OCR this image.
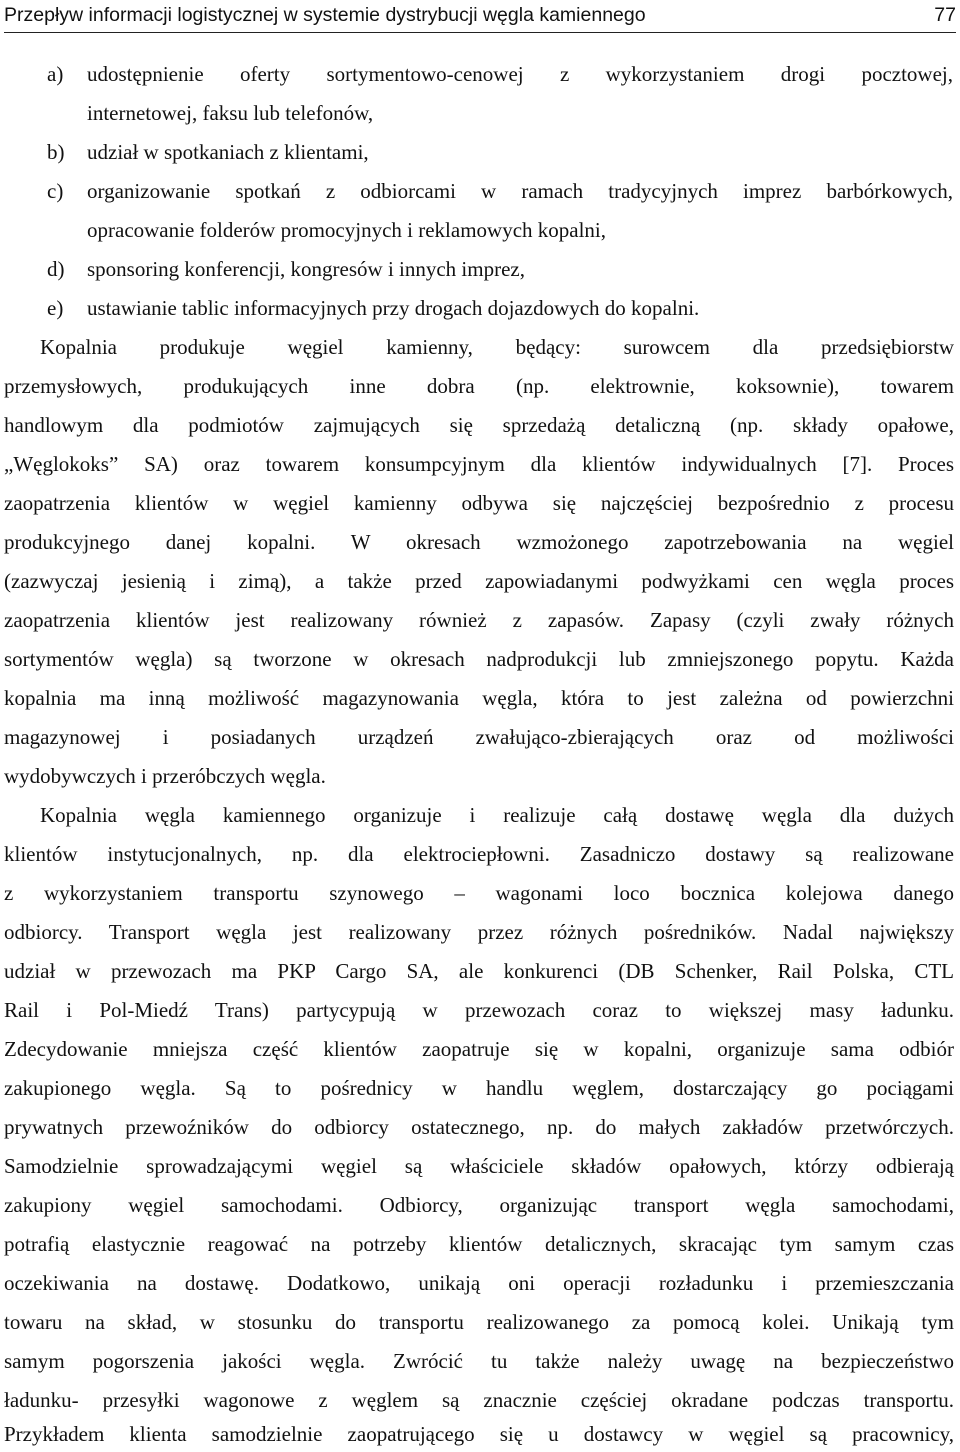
Przepływ informacji logistycznej w systemie dystrybucji węgla kamiennego	77
a) udostępnienie oferty sortymentowo-cenowej z wykorzystaniem drogi pocztowej,
internetowej, faksu lub telefonów,
b) udział w spotkaniach z klientami,
c) organizowanie spotkań z odbiorcami w ramach tradycyjnych imprez barbórkowych,
opracowanie folderów promocyjnych i reklamowych kopalni,
d) sponsoring konferencji, kongresów i innych imprez,
e) ustawianie tablic informacyjnych przy drogach dojazdowych do kopalni.
Kopalnia produkuje węgiel kamienny, będący: surowcem dla przedsiębiorstw
przemysłowych, produkujących inne dobra (np. elektrownie, koksownie), towarem
handlowym dla podmiotów zajmujących się sprzedażą detaliczną (np. składy opałowe,
„Węglokoks” SA) oraz towarem konsumpcyjnym dla klientów indywidualnych [7]. Proces
zaopatrzenia klientów w węgiel kamienny odbywa się najczęściej bezpośrednio z procesu
produkcyjnego danej kopalni. W okresach wzmożonego zapotrzebowania na węgiel
(zazwyczaj jesienią i zimą), a także przed zapowiadanymi podwyżkami cen węgla proces
zaopatrzenia klientów jest realizowany również z zapasów. Zapasy (czyli zwały różnych
sortymentów węgla) są tworzone w okresach nadprodukcji lub zmniejszonego popytu. Każda
kopalnia ma inną możliwość magazynowania węgla, która to jest zależna od powierzchni
magazynowej i posiadanych urządzeń zwałująco-zbierających oraz od możliwości
wydobywczych i przeróbczych węgla.
Kopalnia węgla kamiennego organizuje i realizuje całą dostawę węgla dla dużych
klientów instytucjonalnych, np. dla elektrociepłowni. Zasadniczo dostawy są realizowane
z wykorzystaniem transportu szynowego – wagonami loco bocznica kolejowa danego
odbiorcy. Transport węgla jest realizowany przez różnych pośredników. Nadal największy
udział w przewozach ma PKP Cargo SA, ale konkurenci (DB Schenker, Rail Polska, CTL
Rail i Pol-Miedź Trans) partycypują w przewozach coraz to większej masy ładunku.
Zdecydowanie mniejsza część klientów zaopatruje się w kopalni, organizuje sama odbiór
zakupionego węgla. Są to pośrednicy w handlu węglem, dostarczający go pociągami
prywatnych przewoźników do odbiorcy ostatecznego, np. do małych zakładów przetwórczych.
Samodzielnie sprowadzającymi węgiel są właściciele składów opałowych, którzy odbierają
zakupiony węgiel samochodami. Odbiorcy, organizując transport węgla samochodami,
potrafią elastycznie reagować na potrzeby klientów detalicznych, skracając tym samym czas
oczekiwania na dostawę. Dodatkowo, unikają oni operacji rozładunku i przemieszczania
towaru na skład, w stosunku do transportu realizowanego za pomocą kolei. Unikają tym
samym pogorszenia jakości węgla. Zwrócić tu także należy uwagę na bezpieczeństwo
ładunku- przesyłki wagonowe z węglem są znacznie częściej okradane podczas transportu.
Przykładem klienta samodzielnie zaopatrującego się u dostawcy w węgiel są pracownicy,
